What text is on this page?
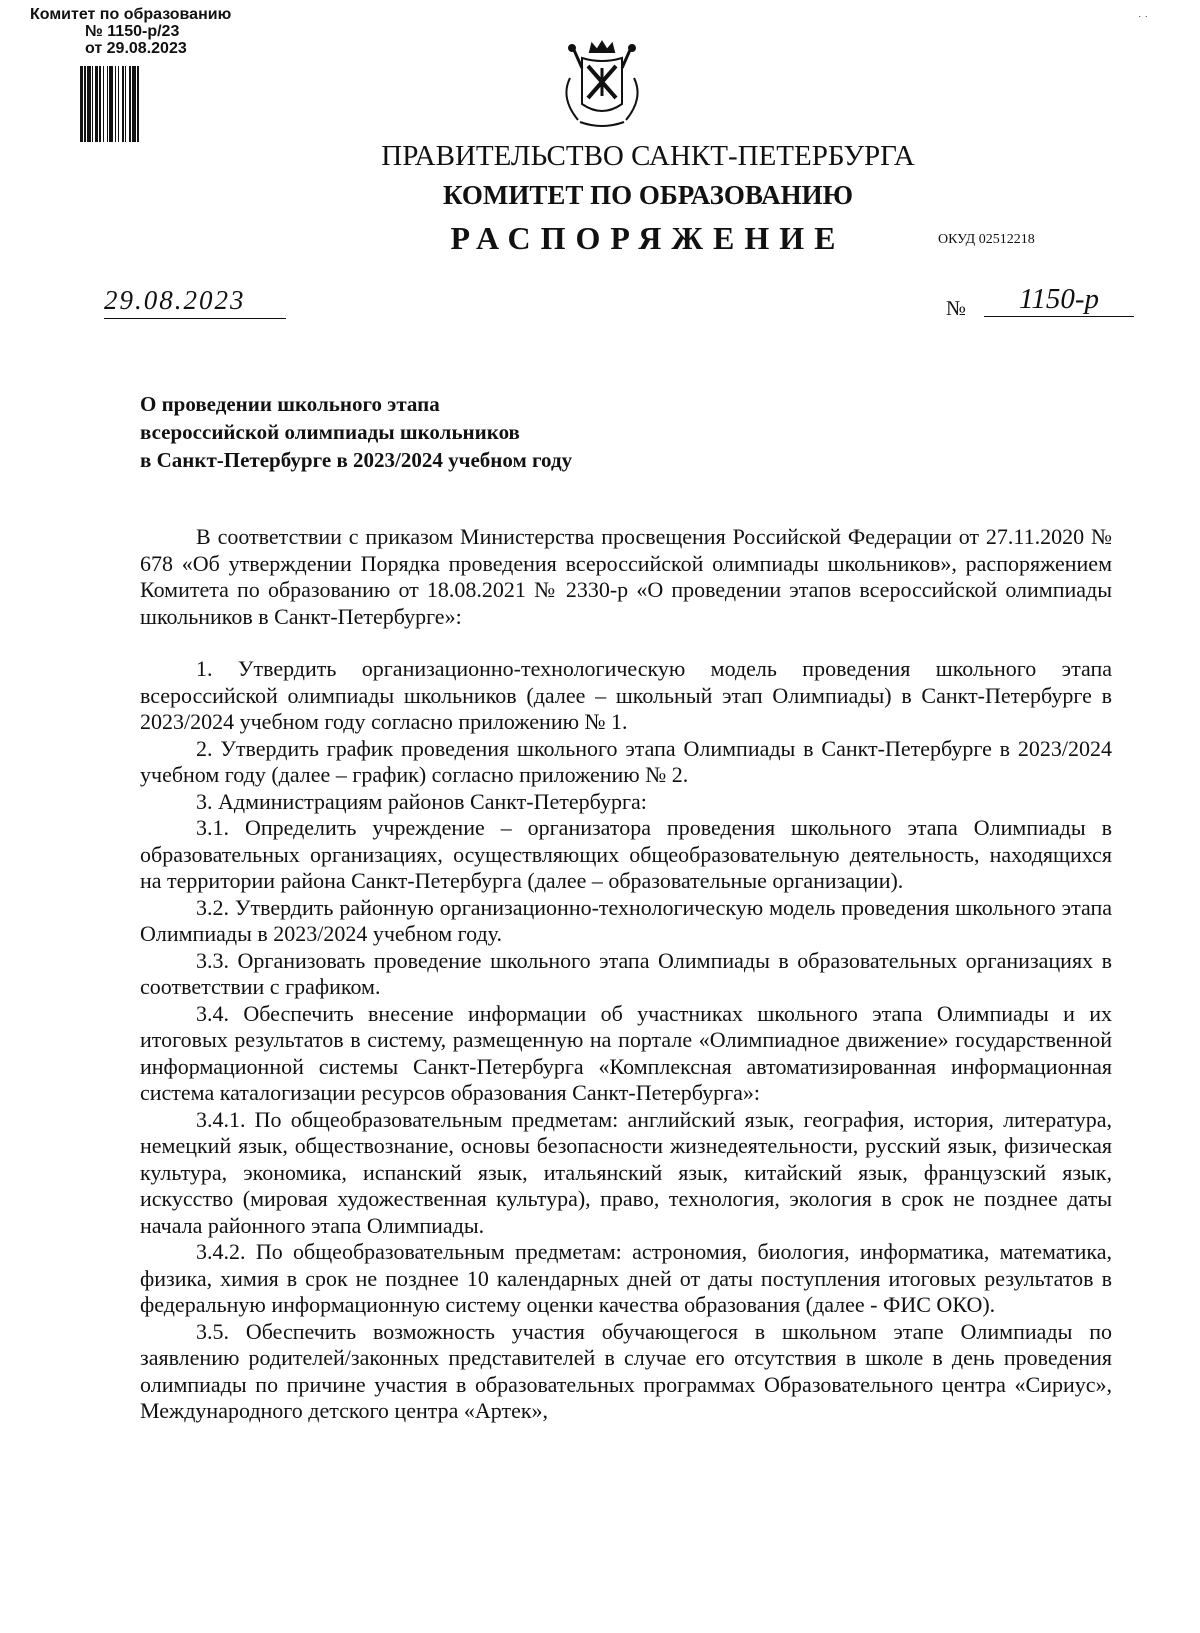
Комитет по образованию
№ 1150-р/23
от 29.08.2023
˙ ˙
ПРАВИТЕЛЬСТВО САНКТ-ПЕТЕРБУРГА
КОМИТЕТ ПО ОБРАЗОВАНИЮ
РАСПОРЯЖЕНИЕ	ОКУД 02512218
29.08.2023	№	1150-р
О проведении школьного этапа
всероссийской олимпиады школьников
в Санкт-Петербурге в 2023/2024 учебном году

В соответствии с приказом Министерства просвещения Российской Федерации от 27.11.2020 № 678 «Об утверждении Порядка проведения всероссийской олимпиады школьников», распоряжением Комитета по образованию от 18.08.2021 № 2330-р «О проведении этапов всероссийской олимпиады школьников в Санкт-Петербурге»:

1. Утвердить организационно-технологическую модель проведения школьного этапа всероссийской олимпиады школьников (далее – школьный этап Олимпиады) в Санкт-Петербурге в 2023/2024 учебном году согласно приложению № 1.

2. Утвердить график проведения школьного этапа Олимпиады в Санкт-Петербурге в 2023/2024 учебном году (далее – график) согласно приложению № 2.

3. Администрациям районов Санкт-Петербурга:

3.1. Определить учреждение – организатора проведения школьного этапа Олимпиады в образовательных организациях, осуществляющих общеобразовательную деятельность, находящихся на территории района Санкт-Петербурга (далее – образовательные организации).

3.2. Утвердить районную организационно-технологическую модель проведения школьного этапа Олимпиады в 2023/2024 учебном году.

3.3. Организовать проведение школьного этапа Олимпиады в образовательных организациях в соответствии с графиком.

3.4. Обеспечить внесение информации об участниках школьного этапа Олимпиады и их итоговых результатов в систему, размещенную на портале «Олимпиадное движение» государственной информационной системы Санкт-Петербурга «Комплексная автоматизированная информационная система каталогизации ресурсов образования Санкт-Петербурга»:

3.4.1. По общеобразовательным предметам: английский язык, география, история, литература, немецкий язык, обществознание, основы безопасности жизнедеятельности, русский язык, физическая культура, экономика, испанский язык, итальянский язык, китайский язык, французский язык, искусство (мировая художественная культура), право, технология, экология в срок не позднее даты начала районного этапа Олимпиады.

3.4.2. По общеобразовательным предметам: астрономия, биология, информатика, математика, физика, химия в срок не позднее 10 календарных дней от даты поступления итоговых результатов в федеральную информационную систему оценки качества образования (далее - ФИС ОКО).

3.5. Обеспечить возможность участия обучающегося в школьном этапе Олимпиады по заявлению родителей/законных представителей в случае его отсутствия в школе в день проведения олимпиады по причине участия в образовательных программах Образовательного центра «Сириус», Международного детского центра «Артек»,
